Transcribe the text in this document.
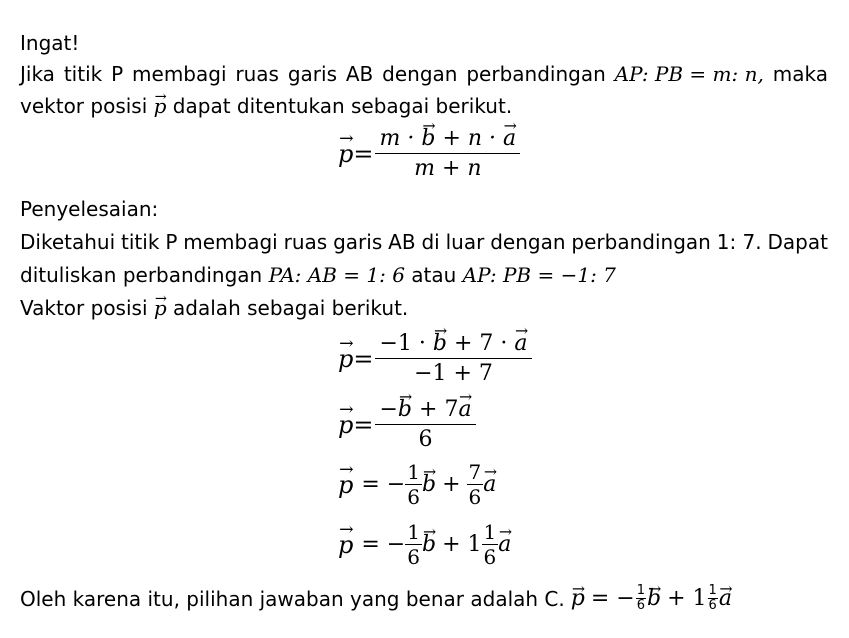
Ingat!
Jika titik P membagi ruas garis AB dengan perbandingan AP: PB = m: n, maka
vektor posisi → p dapat ditentukan sebagai berikut.
→ $p= \frac{m \cdot \to b + n \cdot \to a}{m + n}$
Penyelesaian:
Diketahui titik P membagi ruas garis AB di luar dengan perbandingan 1: 7. Dapat
dituliskan perbandingan PA: AB = 1: 6 atau AP: PB = −1: 7
Vaktor posisi → p adalah sebagai berikut.
→ $p= \frac{-1 \cdot \to b + 7 \cdot \to a}{-1 + 7}$
→ $p= \frac{-\to b + 7\to a}{6}$
→ p = − $\frac{1}{6}$
→ $b + \frac{7}{6}$
→ a
→ p = − $\frac{1}{6}$
→ $b + 1 \frac{1}{6}$
→ a
Oleh karena itu, pilihan jawaban yang benar adalah C.
→ p = − $\frac{1}{6}$
→ $b + 1 \frac{1}{6}$
→ a
